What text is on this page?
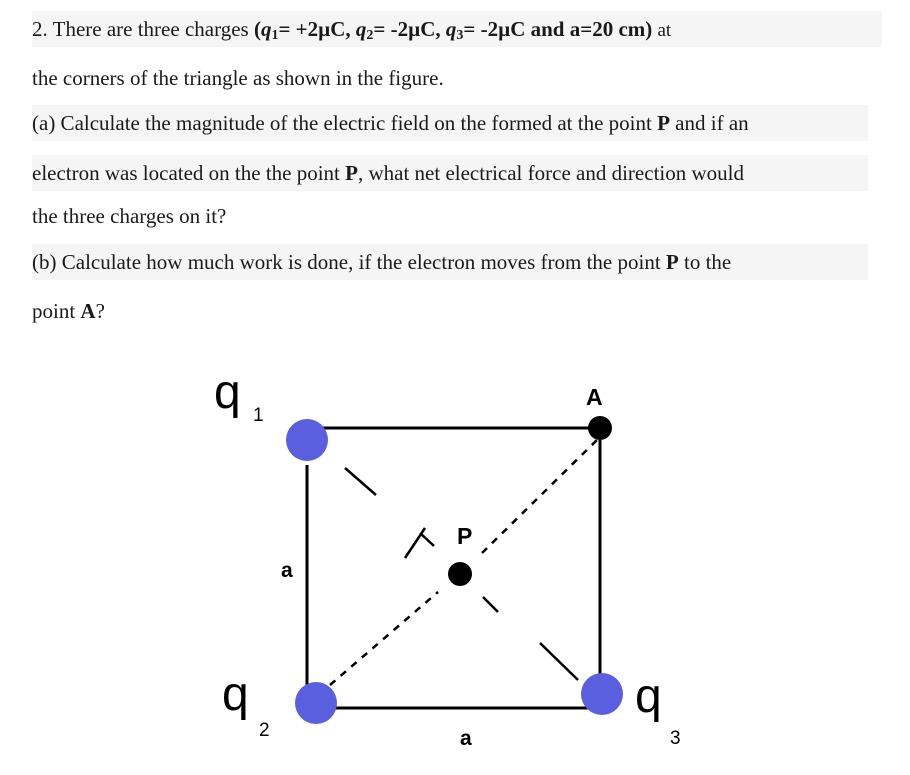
2. There are three charges ($q_1= +2\mu C$, $q_2= -2\mu C$, $q_3= -2\mu C$ and a=20 cm) at
the corners of the triangle as shown in the figure.
(a) Calculate the magnitude of the electric field on the formed at the point P and if an
electron was located on the the point P, what net electrical force and direction would
the three charges on it?
(b) Calculate how much work is done, if the electron moves from the point P to the
point A?
q 1
q
2
q
3
A
P
a
a
